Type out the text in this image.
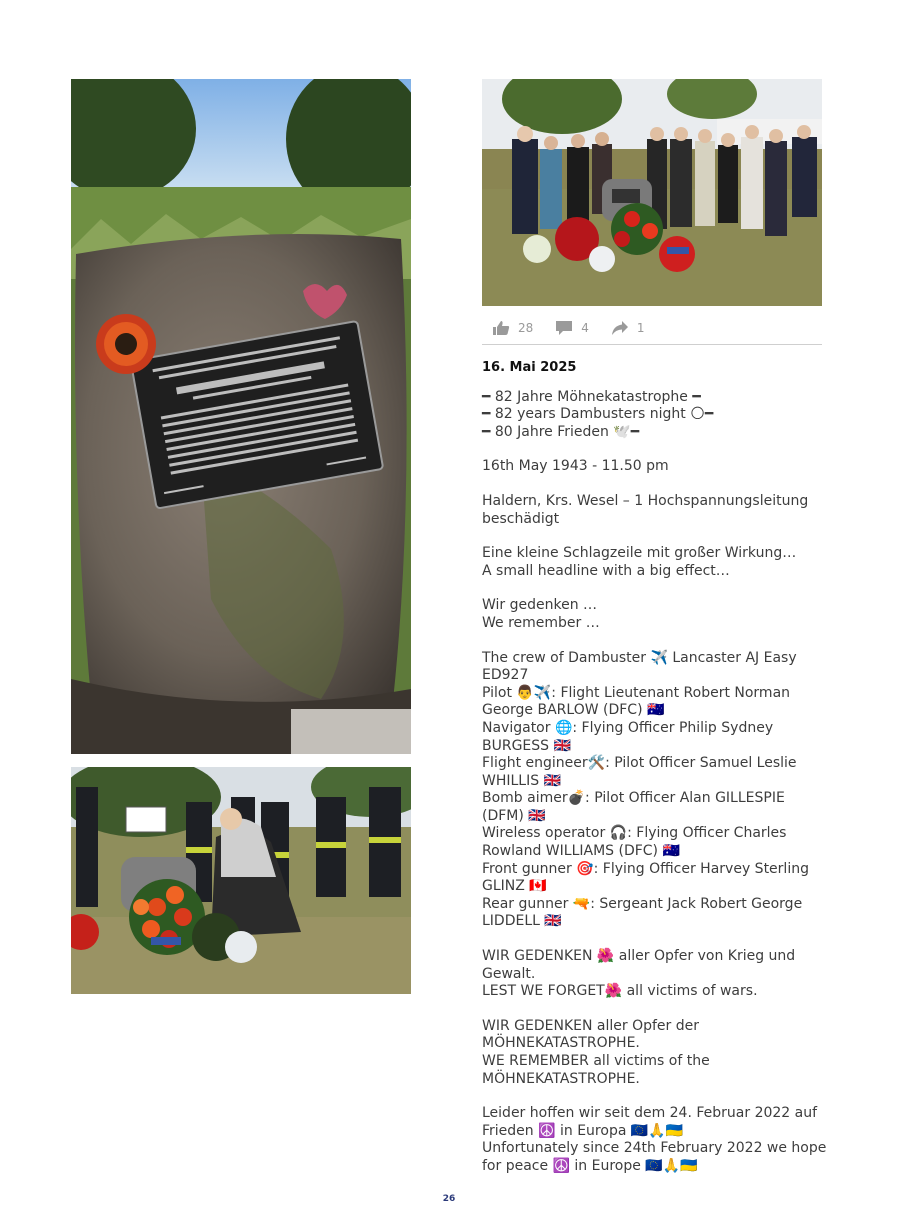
28	4	1
16. Mai 2025
━ 82 Jahre Möhnekatastrophe ━
━ 82 years Dambusters night 🌕━
━ 80 Jahre Frieden 🕊️━
16th May 1943 - 11.50 pm
Haldern, Krs. Wesel – 1 Hochspannungsleitung beschädigt
Eine kleine Schlagzeile mit großer Wirkung…
A small headline with a big effect…
Wir gedenken …
We remember …
The crew of Dambuster ✈️ Lancaster AJ Easy ED927
Pilot 👨✈️: Flight Lieutenant Robert Norman George BARLOW (DFC) 🇦🇺
Navigator 🌐: Flying Officer Philip Sydney BURGESS 🇬🇧
Flight engineer🛠️: Pilot Officer Samuel Leslie WHILLIS 🇬🇧
Bomb aimer💣: Pilot Officer Alan GILLESPIE (DFM) 🇬🇧
Wireless operator 🎧: Flying Officer Charles Rowland WILLIAMS (DFC) 🇦🇺
Front gunner 🎯: Flying Officer Harvey Sterling GLINZ 🇨🇦
Rear gunner 🔫: Sergeant Jack Robert George LIDDELL 🇬🇧
WIR GEDENKEN 🌺 aller Opfer von Krieg und Gewalt.
LEST WE FORGET🌺 all victims of wars.
WIR GEDENKEN aller Opfer der MÖHNEKATASTROPHE.
WE REMEMBER all victims of the MÖHNEKATASTROPHE.
Leider hoffen wir seit dem 24. Februar 2022 auf Frieden ☮️ in Europa 🇪🇺🙏🇺🇦
Unfortunately since 24th February 2022 we hope for peace ☮️ in Europe 🇪🇺🙏🇺🇦
26
